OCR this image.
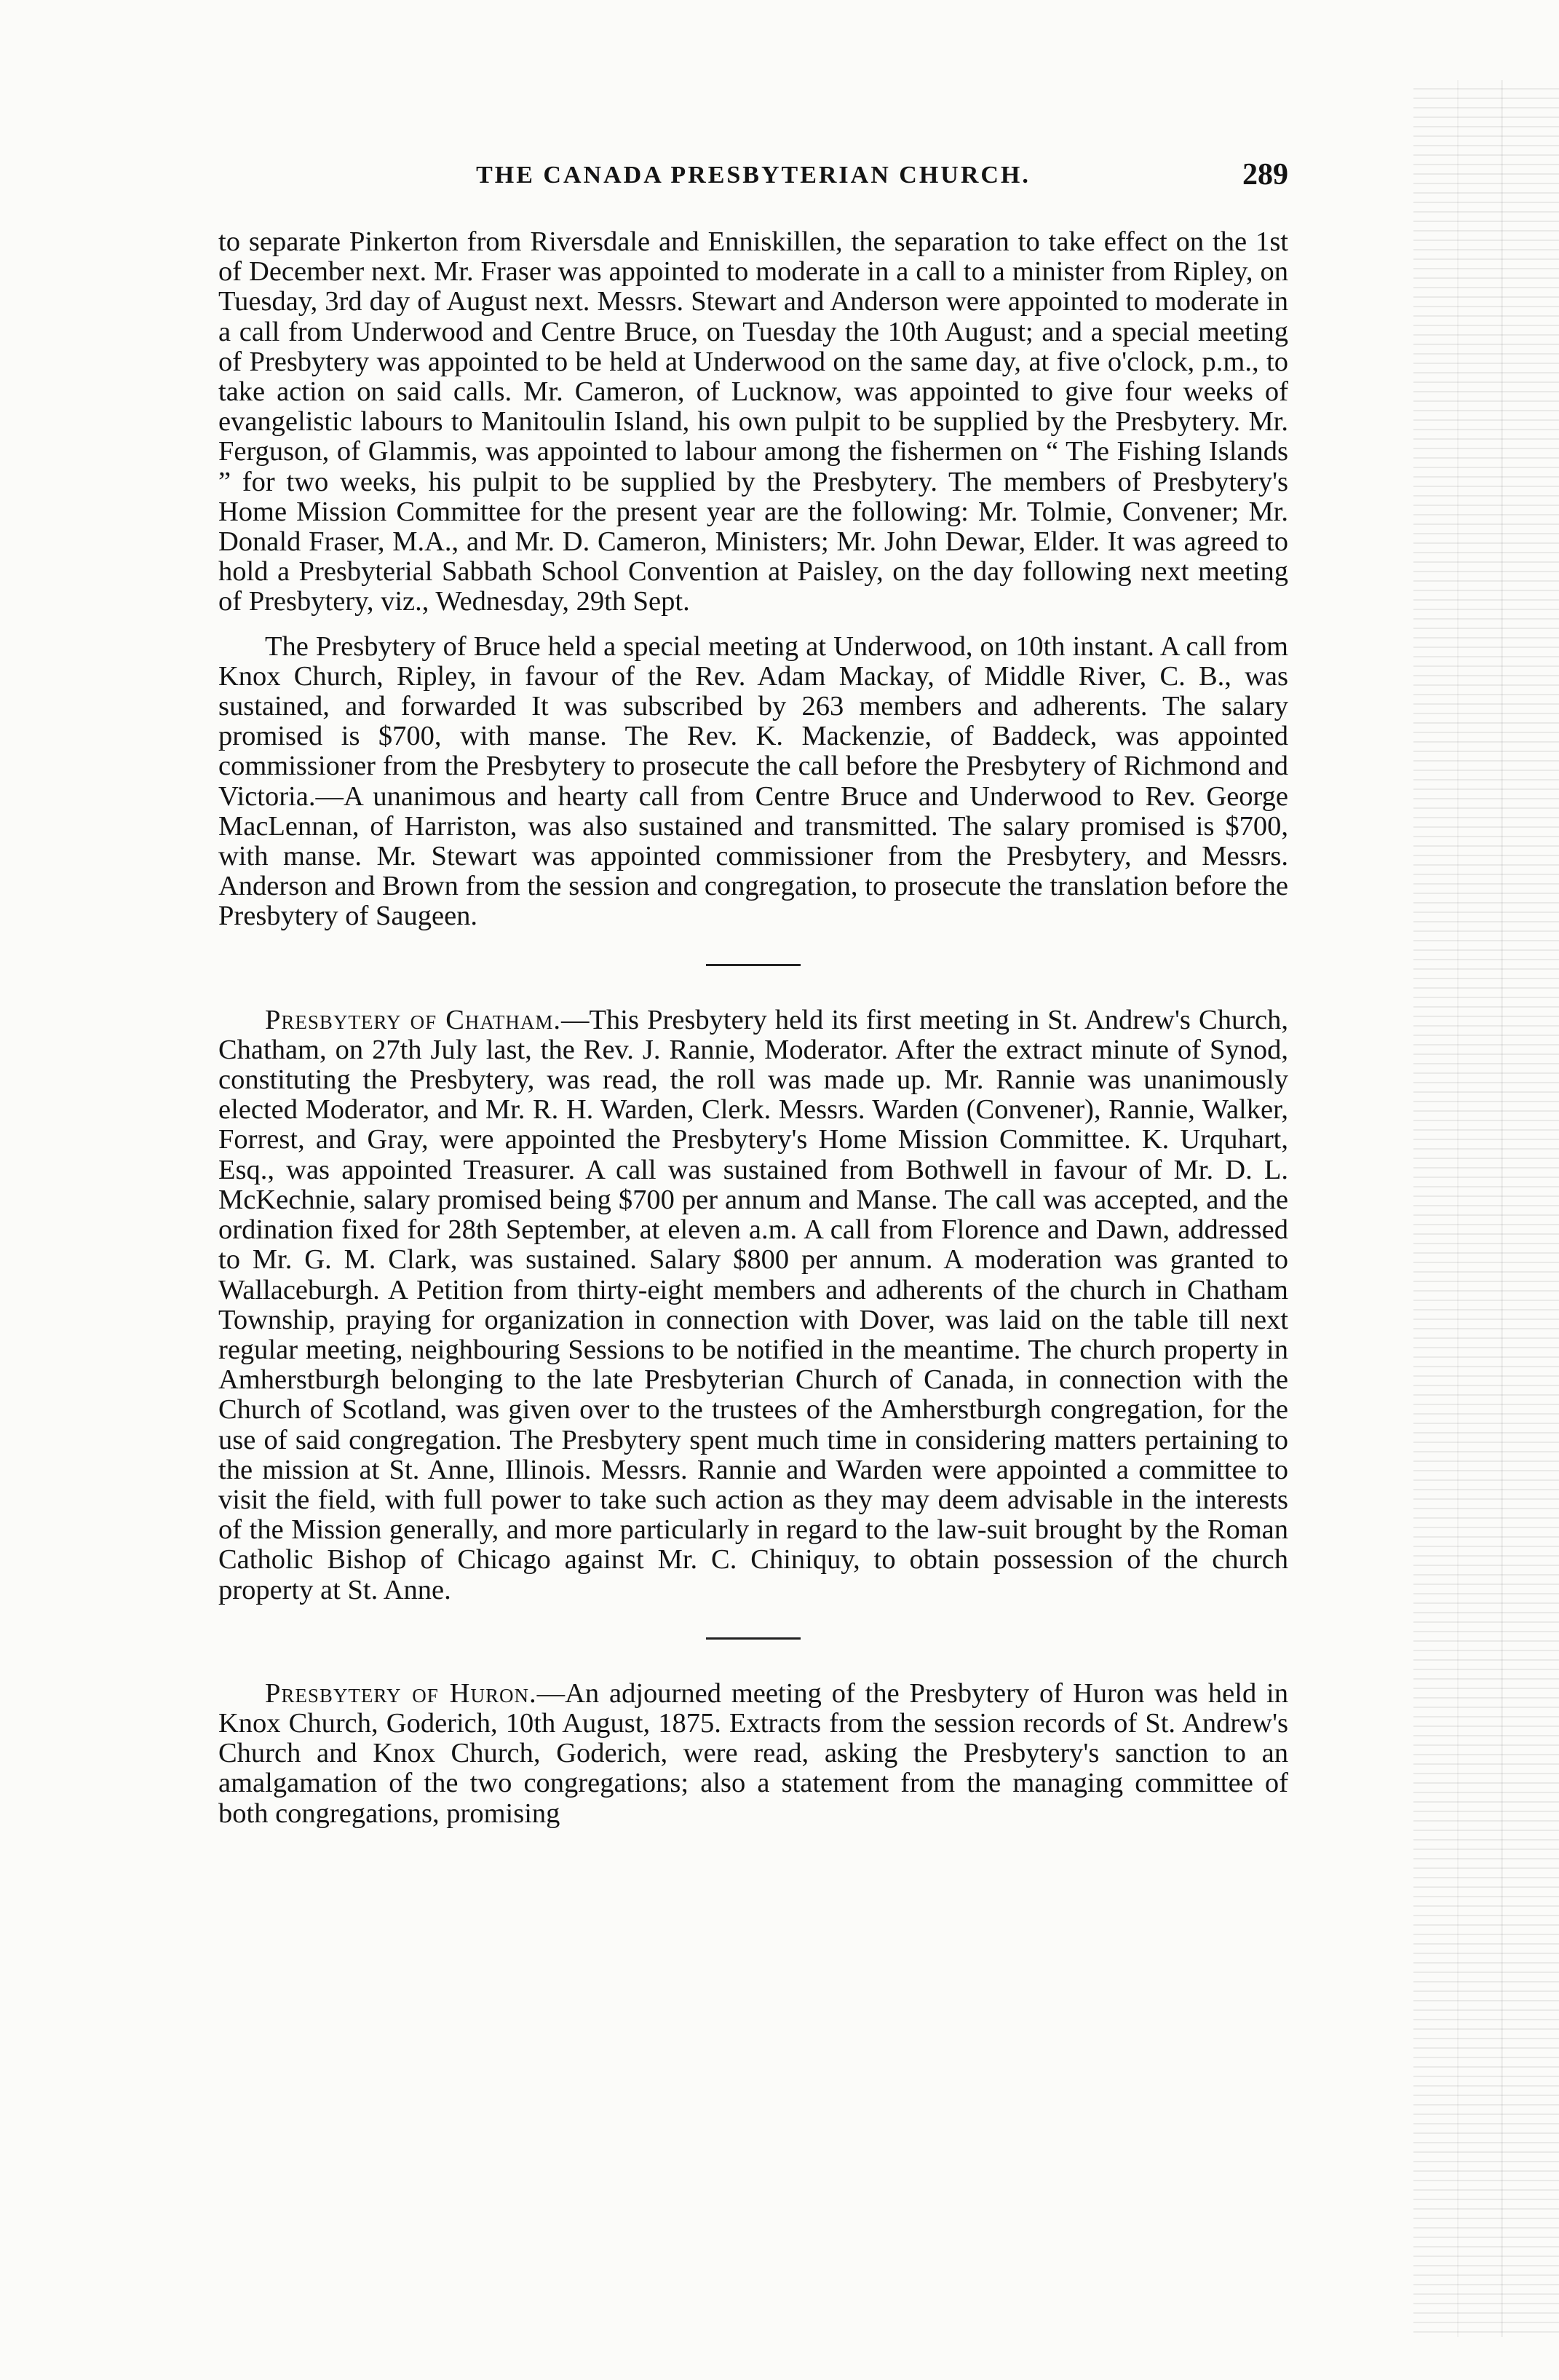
THE CANADA PRESBYTERIAN CHURCH.	289

to separate Pinkerton from Riversdale and Enniskillen, the separation to take effect on the 1st of December next. Mr. Fraser was appointed to moderate in a call to a minister from Ripley, on Tuesday, 3rd day of August next. Messrs. Stewart and Anderson were appointed to moderate in a call from Underwood and Centre Bruce, on Tuesday the 10th August; and a special meeting of Presbytery was appointed to be held at Underwood on the same day, at five o'clock, p.m., to take action on said calls. Mr. Cameron, of Lucknow, was appointed to give four weeks of evangelistic labours to Manitoulin Island, his own pulpit to be supplied by the Presbytery. Mr. Ferguson, of Glammis, was appointed to labour among the fishermen on “ The Fishing Islands ” for two weeks, his pulpit to be supplied by the Presbytery. The members of Presbytery's Home Mission Committee for the present year are the following: Mr. Tolmie, Convener; Mr. Donald Fraser, M.A., and Mr. D. Cameron, Ministers; Mr. John Dewar, Elder. It was agreed to hold a Presbyterial Sabbath School Convention at Paisley, on the day following next meeting of Presbytery, viz., Wednesday, 29th Sept.

The Presbytery of Bruce held a special meeting at Underwood, on 10th instant. A call from Knox Church, Ripley, in favour of the Rev. Adam Mackay, of Middle River, C. B., was sustained, and forwarded It was subscribed by 263 members and adherents. The salary promised is $700, with manse. The Rev. K. Mackenzie, of Baddeck, was appointed commissioner from the Presbytery to prosecute the call before the Presbytery of Richmond and Victoria.—A unanimous and hearty call from Centre Bruce and Underwood to Rev. George MacLennan, of Harriston, was also sustained and transmitted. The salary promised is $700, with manse. Mr. Stewart was appointed commissioner from the Presbytery, and Messrs. Anderson and Brown from the session and congregation, to prosecute the translation before the Presbytery of Saugeen.

Presbytery of Chatham.—This Presbytery held its first meeting in St. Andrew's Church, Chatham, on 27th July last, the Rev. J. Rannie, Moderator. After the extract minute of Synod, constituting the Presbytery, was read, the roll was made up. Mr. Rannie was unanimously elected Moderator, and Mr. R. H. Warden, Clerk. Messrs. Warden (Convener), Rannie, Walker, Forrest, and Gray, were appointed the Presbytery's Home Mission Committee. K. Urquhart, Esq., was appointed Treasurer. A call was sustained from Bothwell in favour of Mr. D. L. McKechnie, salary promised being $700 per annum and Manse. The call was accepted, and the ordination fixed for 28th September, at eleven a.m. A call from Florence and Dawn, addressed to Mr. G. M. Clark, was sustained. Salary $800 per annum. A moderation was granted to Wallaceburgh. A Petition from thirty-eight members and adherents of the church in Chatham Township, praying for organization in connection with Dover, was laid on the table till next regular meeting, neighbouring Sessions to be notified in the meantime. The church property in Amherstburgh belonging to the late Presbyterian Church of Canada, in connection with the Church of Scotland, was given over to the trustees of the Amherstburgh congregation, for the use of said congregation. The Presbytery spent much time in considering matters pertaining to the mission at St. Anne, Illinois. Messrs. Rannie and Warden were appointed a committee to visit the field, with full power to take such action as they may deem advisable in the interests of the Mission generally, and more particularly in regard to the law-suit brought by the Roman Catholic Bishop of Chicago against Mr. C. Chiniquy, to obtain possession of the church property at St. Anne.

Presbytery of Huron.—An adjourned meeting of the Presbytery of Huron was held in Knox Church, Goderich, 10th August, 1875. Extracts from the session records of St. Andrew's Church and Knox Church, Goderich, were read, asking the Presbytery's sanction to an amalgamation of the two congregations; also a statement from the managing committee of both congregations, promising
